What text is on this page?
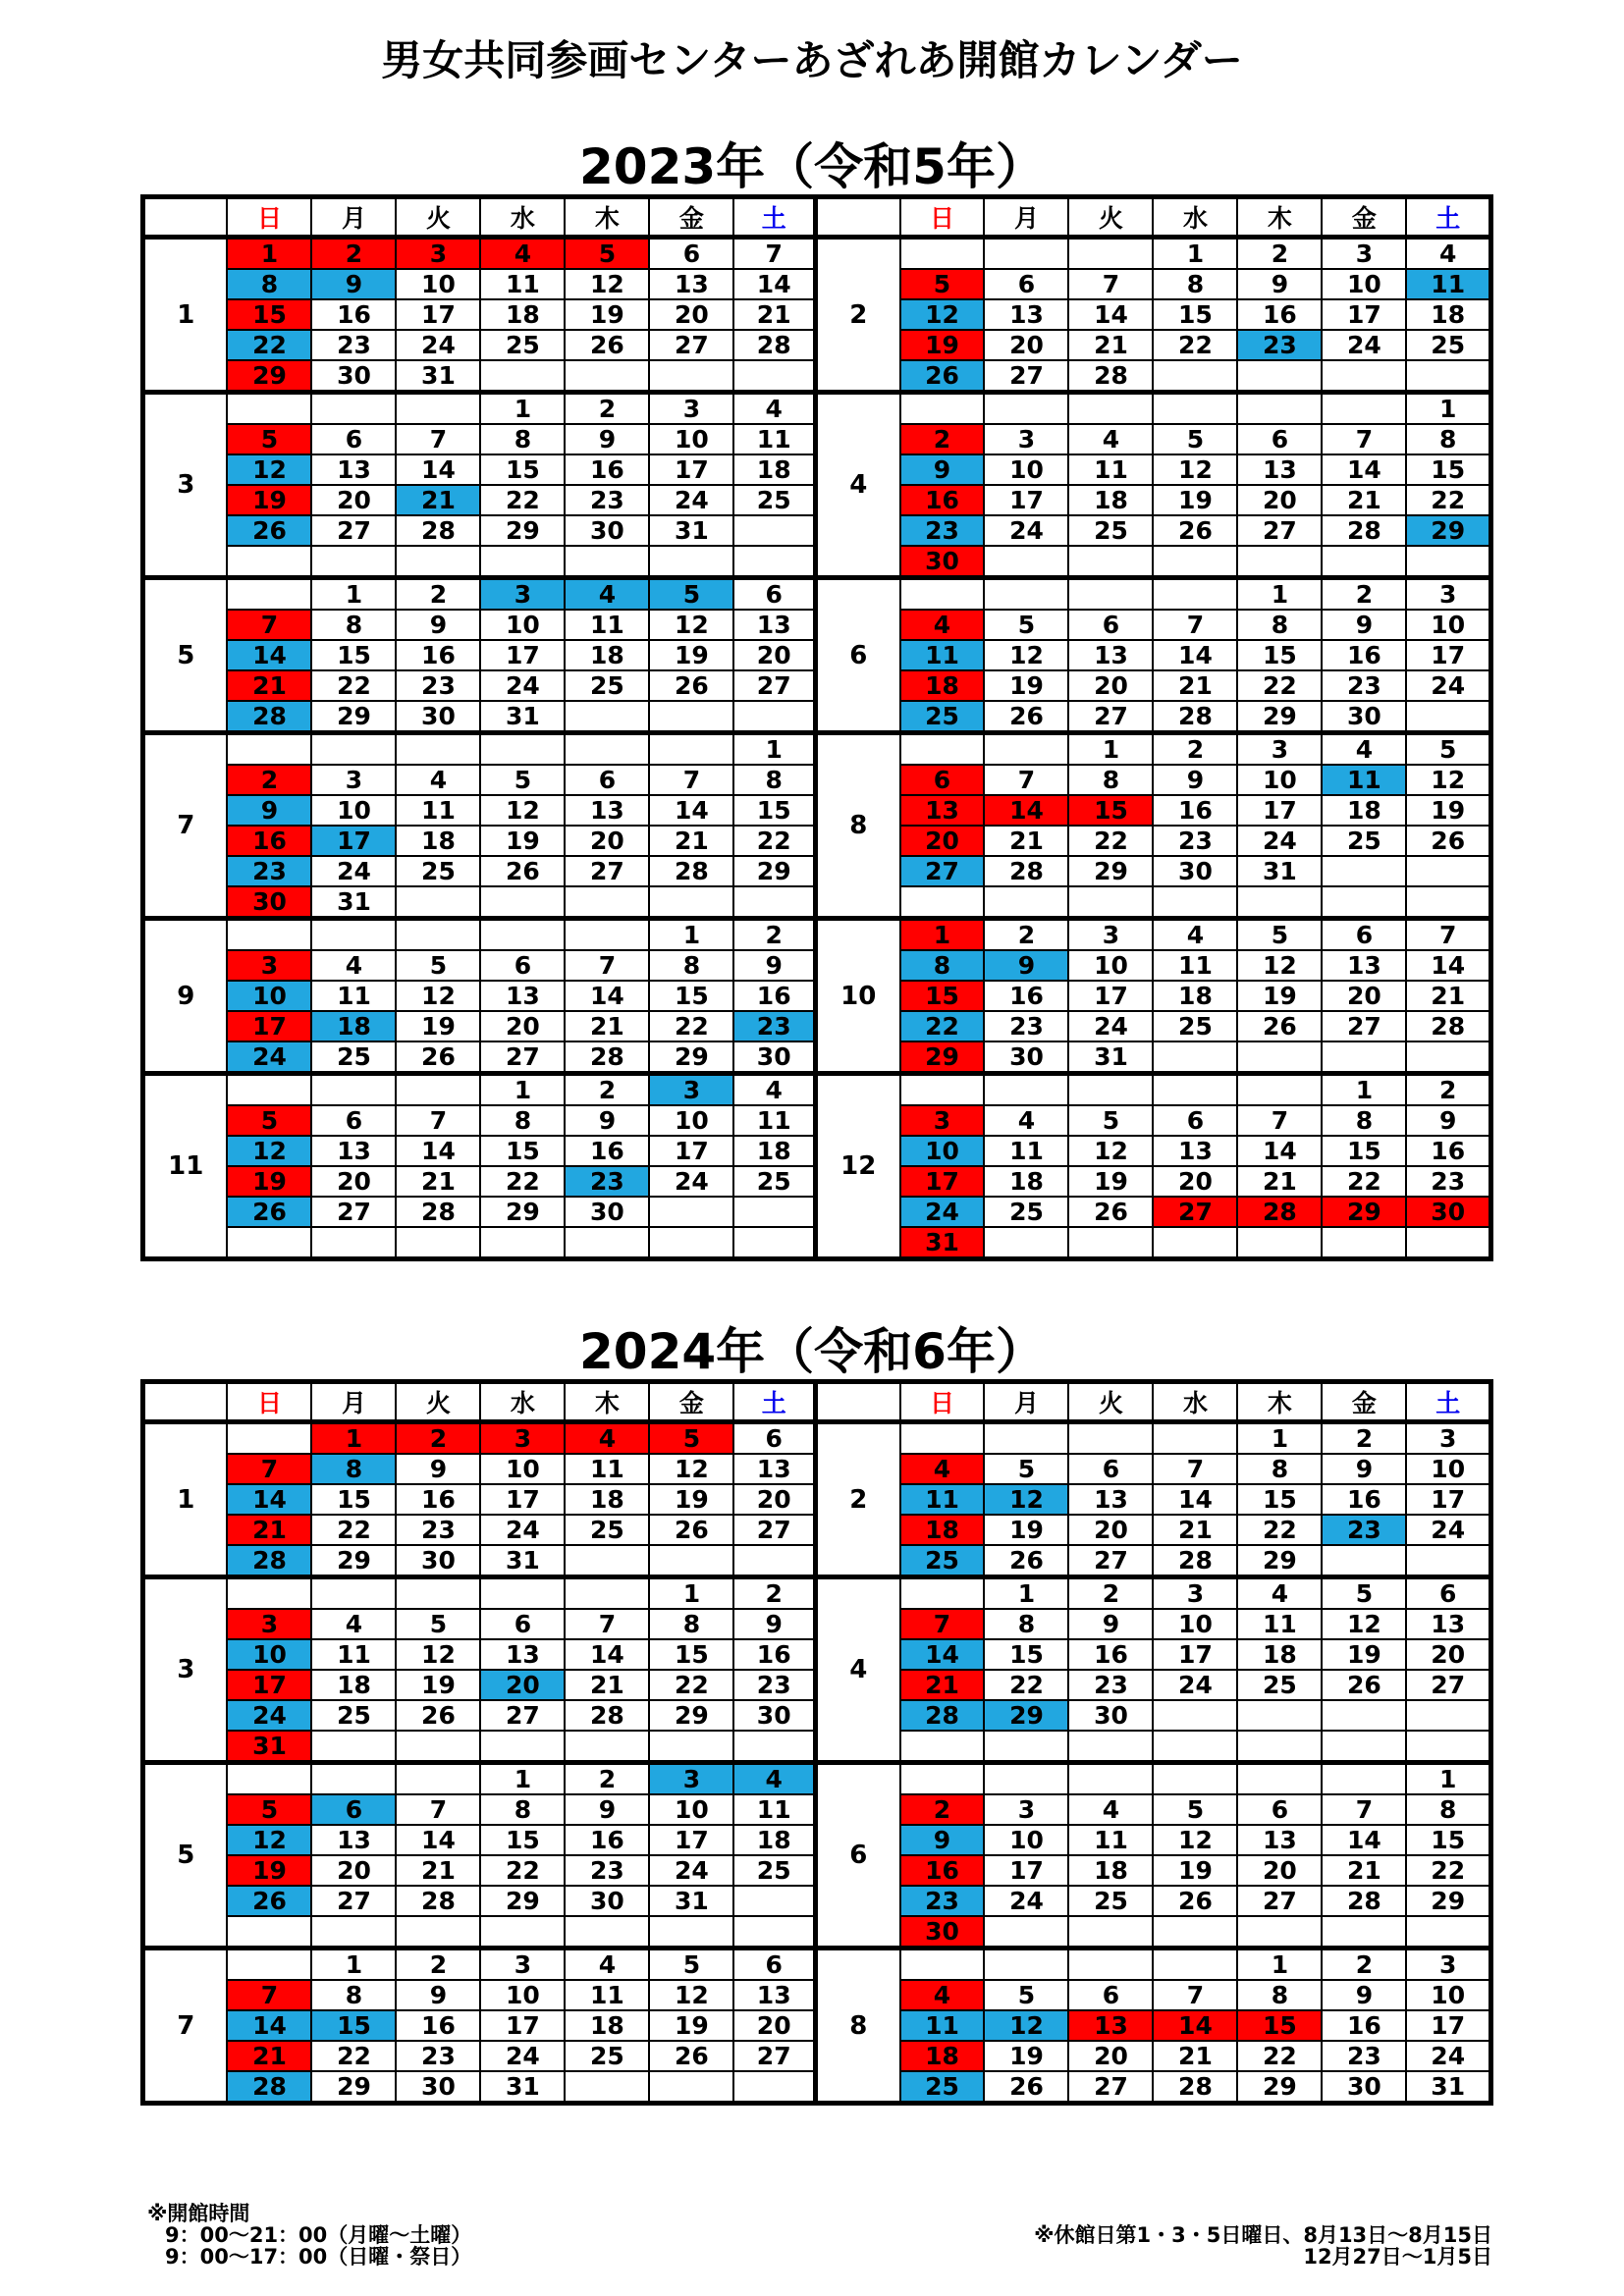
男女共同参画センターあざれあ開館カレンダー
2023年（令和5年）
	日	月	火	水	木	金	土		日	月	火	水	木	金	土
1	1	2	3	4	5	6	7	2				1	2	3	4
	8	9	10	11	12	13	14		5	6	7	8	9	10	11
	15	16	17	18	19	20	21		12	13	14	15	16	17	18
	22	23	24	25	26	27	28		19	20	21	22	23	24	25
	29	30	31						26	27	28				
3				1	2	3	4	4							1
	5	6	7	8	9	10	11		2	3	4	5	6	7	8
	12	13	14	15	16	17	18		9	10	11	12	13	14	15
	19	20	21	22	23	24	25		16	17	18	19	20	21	22
	26	27	28	29	30	31			23	24	25	26	27	28	29
									30						
5		1	2	3	4	5	6	6					1	2	3
	7	8	9	10	11	12	13		4	5	6	7	8	9	10
	14	15	16	17	18	19	20		11	12	13	14	15	16	17
	21	22	23	24	25	26	27		18	19	20	21	22	23	24
	28	29	30	31					25	26	27	28	29	30	
7							1	8			1	2	3	4	5
	2	3	4	5	6	7	8		6	7	8	9	10	11	12
	9	10	11	12	13	14	15		13	14	15	16	17	18	19
	16	17	18	19	20	21	22		20	21	22	23	24	25	26
	23	24	25	26	27	28	29		27	28	29	30	31		
	30	31													
9						1	2	10	1	2	3	4	5	6	7
	3	4	5	6	7	8	9		8	9	10	11	12	13	14
	10	11	12	13	14	15	16		15	16	17	18	19	20	21
	17	18	19	20	21	22	23		22	23	24	25	26	27	28
	24	25	26	27	28	29	30		29	30	31				
11				1	2	3	4	12						1	2
	5	6	7	8	9	10	11		3	4	5	6	7	8	9
	12	13	14	15	16	17	18		10	11	12	13	14	15	16
	19	20	21	22	23	24	25		17	18	19	20	21	22	23
	26	27	28	29	30				24	25	26	27	28	29	30
									31						
2024年（令和6年）
	日	月	火	水	木	金	土		日	月	火	水	木	金	土
1		1	2	3	4	5	6	2					1	2	3
	7	8	9	10	11	12	13		4	5	6	7	8	9	10
	14	15	16	17	18	19	20		11	12	13	14	15	16	17
	21	22	23	24	25	26	27		18	19	20	21	22	23	24
	28	29	30	31					25	26	27	28	29		
3						1	2	4		1	2	3	4	5	6
	3	4	5	6	7	8	9		7	8	9	10	11	12	13
	10	11	12	13	14	15	16		14	15	16	17	18	19	20
	17	18	19	20	21	22	23		21	22	23	24	25	26	27
	24	25	26	27	28	29	30		28	29	30				
	31														
5				1	2	3	4	6							1
	5	6	7	8	9	10	11		2	3	4	5	6	7	8
	12	13	14	15	16	17	18		9	10	11	12	13	14	15
	19	20	21	22	23	24	25		16	17	18	19	20	21	22
	26	27	28	29	30	31			23	24	25	26	27	28	29
									30						
7		1	2	3	4	5	6	8					1	2	3
	7	8	9	10	11	12	13		4	5	6	7	8	9	10
	14	15	16	17	18	19	20		11	12	13	14	15	16	17
	21	22	23	24	25	26	27		18	19	20	21	22	23	24
	28	29	30	31					25	26	27	28	29	30	31
※開館時間
9：00～21：00（月曜～土曜）
9：00～17：00（日曜・祭日）
※休館日第1・3・5日曜日、8月13日～8月15日
12月27日～1月5日
